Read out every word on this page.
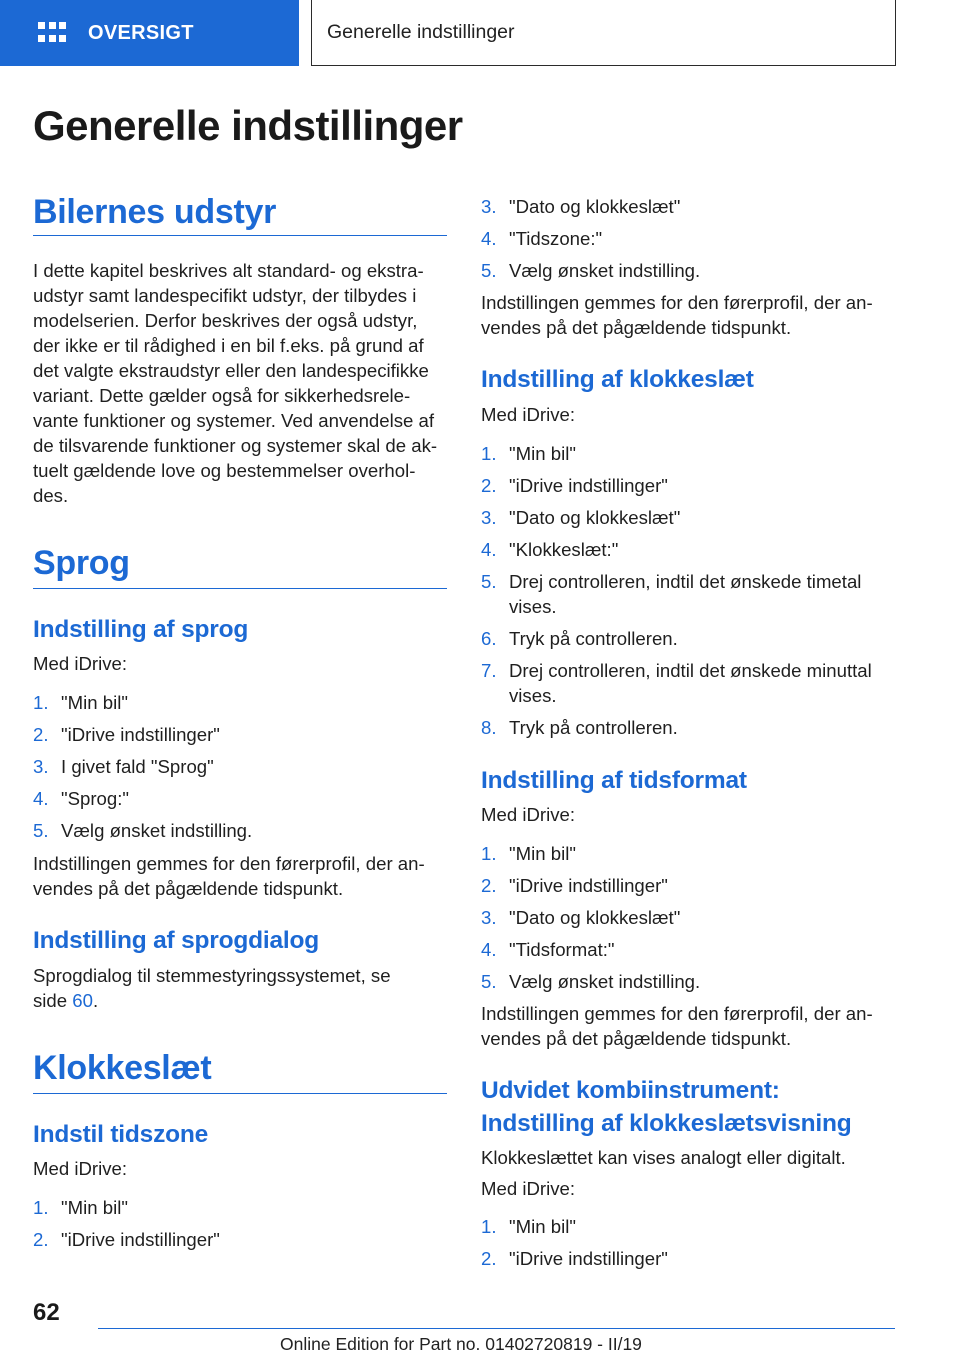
OVERSIGT	Generelle indstillinger
Generelle indstillinger
Bilernes udstyr
I dette kapitel beskrives alt standard- og ekstra-
udstyr samt landespecifikt udstyr, der tilbydes i
modelserien. Derfor beskrives der også udstyr,
der ikke er til rådighed i en bil f.eks. på grund af
det valgte ekstraudstyr eller den landespecifikke
variant. Dette gælder også for sikkerhedsrele-
vante funktioner og systemer. Ved anvendelse af
de tilsvarende funktioner og systemer skal de ak-
tuelt gældende love og bestemmelser overhol-
des.
Sprog
Indstilling af sprog
Med iDrive:
1. "Min bil"
2. "iDrive indstillinger"
3. I givet fald "Sprog"
4. "Sprog:"
5. Vælg ønsket indstilling.
Indstillingen gemmes for den førerprofil, der an-
vendes på det pågældende tidspunkt.
Indstilling af sprogdialog
Sprogdialog til stemmestyringssystemet, se
side 60.
Klokkeslæt
Indstil tidszone
Med iDrive:
1. "Min bil"
2. "iDrive indstillinger"
3. "Dato og klokkeslæt"
4. "Tidszone:"
5. Vælg ønsket indstilling.
Indstillingen gemmes for den førerprofil, der an-
vendes på det pågældende tidspunkt.
Indstilling af klokkeslæt
Med iDrive:
1. "Min bil"
2. "iDrive indstillinger"
3. "Dato og klokkeslæt"
4. "Klokkeslæt:"
5. Drej controlleren, indtil det ønskede timetal
vises.
6. Tryk på controlleren.
7. Drej controlleren, indtil det ønskede minuttal
vises.
8. Tryk på controlleren.
Indstilling af tidsformat
Med iDrive:
1. "Min bil"
2. "iDrive indstillinger"
3. "Dato og klokkeslæt"
4. "Tidsformat:"
5. Vælg ønsket indstilling.
Indstillingen gemmes for den førerprofil, der an-
vendes på det pågældende tidspunkt.
Udvidet kombiinstrument:
Indstilling af klokkeslætsvisning
Klokkeslættet kan vises analogt eller digitalt.
Med iDrive:
1. "Min bil"
2. "iDrive indstillinger"
62
Online Edition for Part no. 01402720819 - II/19
